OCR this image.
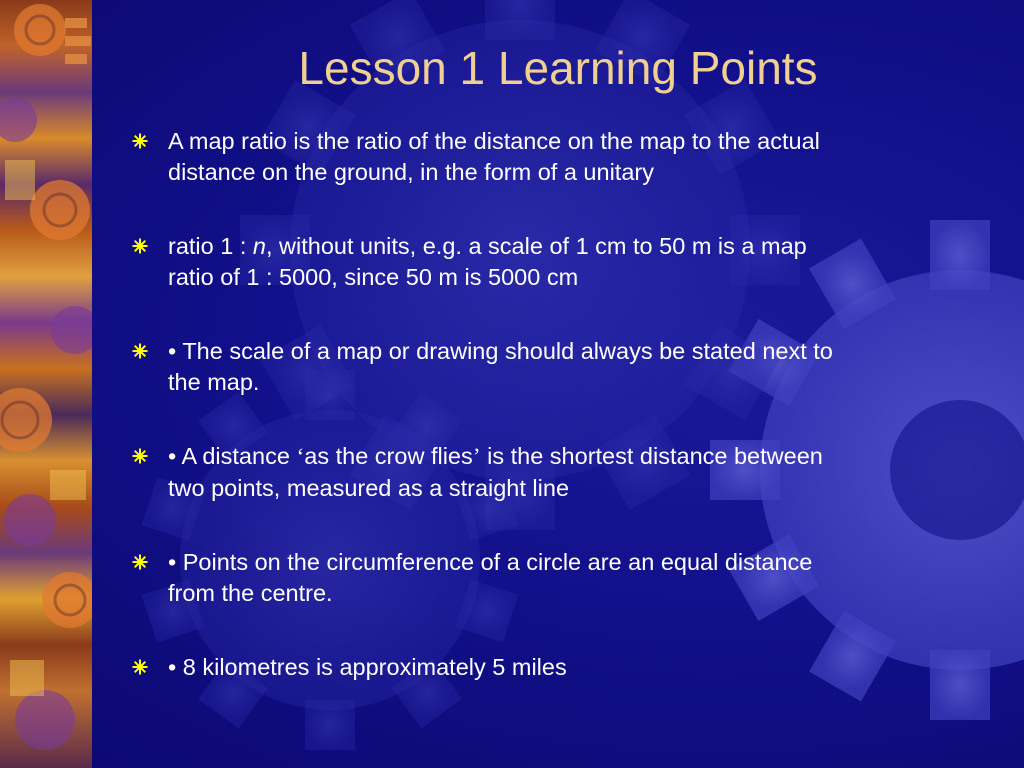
Lesson 1 Learning Points
A map ratio is the ratio of the distance on the map to the actual
distance on the ground, in the form of a unitary
ratio 1 : n, without units, e.g. a scale of 1 cm to 50 m is a map
ratio of 1 : 5000, since 50 m is 5000 cm
• The scale of a map or drawing should always be stated next to
the map.
• A distance ‘as the crow flies’ is the shortest distance between
two points, measured as a straight line
• Points on the circumference of a circle are an equal distance
from the centre.
• 8 kilometres is approximately 5 miles
